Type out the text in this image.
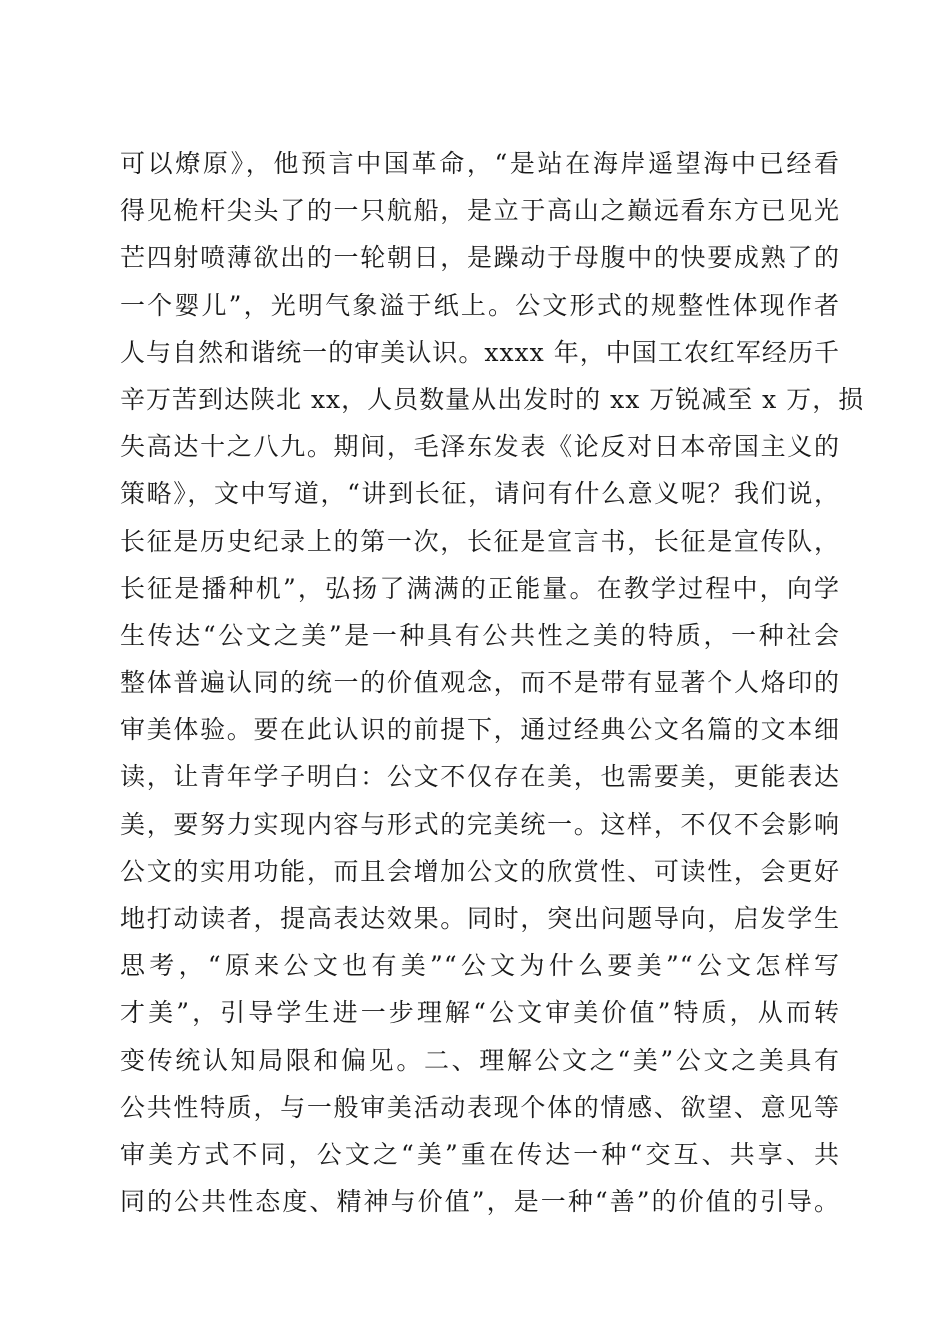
可以燎原》，他预言中国革命，“是站在海岸遥望海中已经看
得见桅杆尖头了的一只航船，是立于高山之巅远看东方已见光
芒四射喷薄欲出的一轮朝日，是躁动于母腹中的快要成熟了的
一个婴儿”，光明气象溢于纸上。公文形式的规整性体现作者
人与自然和谐统一的审美认识。xxxx 年，中国工农红军经历千
辛万苦到达陕北 xx，人员数量从出发时的 xx 万锐减至 x 万，损
失高达十之八九。期间，毛泽东发表《论反对日本帝国主义的
策略》，文中写道，“讲到长征，请问有什么意义呢？我们说，
长征是历史纪录上的第一次，长征是宣言书，长征是宣传队，
长征是播种机”，弘扬了满满的正能量。在教学过程中，向学
生传达“公文之美”是一种具有公共性之美的特质，一种社会
整体普遍认同的统一的价值观念，而不是带有显著个人烙印的
审美体验。要在此认识的前提下，通过经典公文名篇的文本细
读，让青年学子明白：公文不仅存在美，也需要美，更能表达
美，要努力实现内容与形式的完美统一。这样，不仅不会影响
公文的实用功能，而且会增加公文的欣赏性、可读性，会更好
地打动读者，提高表达效果。同时，突出问题导向，启发学生
思考，“原来公文也有美”“公文为什么要美”“公文怎样写
才美”，引导学生进一步理解“公文审美价值”特质，从而转
变传统认知局限和偏见。二、理解公文之“美”公文之美具有
公共性特质，与一般审美活动表现个体的情感、欲望、意见等
审美方式不同，公文之“美”重在传达一种“交互、共享、共
同的公共性态度、精神与价值”，是一种“善”的价值的引导。
